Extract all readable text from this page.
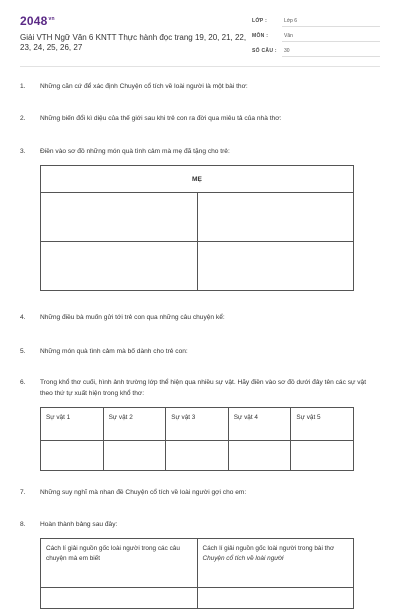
$2048^{vn}$
Giải VTH Ngữ Văn 6 KNTT Thực hành đọc trang 19, 20, 21, 22, 23, 24, 25, 26, 27
LỚP :	Lớp 6
MÔN :	Văn
SỐ CÂU : 30
1.	Những căn cứ để xác định Chuyện cổ tích về loài người là một bài thơ:
2.	Những biến đổi kì diệu của thế giới sau khi trẻ con ra đời qua miêu tả của nhà thơ:
3.	Điền vào sơ đồ những món quà tình cảm mà mẹ đã tặng cho trẻ:
MẸ	

4.	Những điều bà muốn gửi tới trẻ con qua những câu chuyện kể:
5.	Những món quà tình cảm mà bố dành cho trẻ con:
6.	Trong khổ thơ cuối, hình ảnh trường lớp thể hiện qua nhiều sự vật. Hãy điền vào sơ đồ dưới đây tên các sự vật theo thứ tự xuất hiện trong khổ thơ:
Sự vật 1	Sự vật 2	Sự vật 3	Sự vật 4	Sự vật 5

7.	Những suy nghĩ mà nhan đề Chuyện cổ tích về loài người gợi cho em:
8.	Hoàn thành bảng sau đây:
Cách lí giải nguồn gốc loài người trong các câu chuyện mà em biết	Cách lí giải nguồn gốc loài người trong bài thơ Chuyện cổ tích về loài người
